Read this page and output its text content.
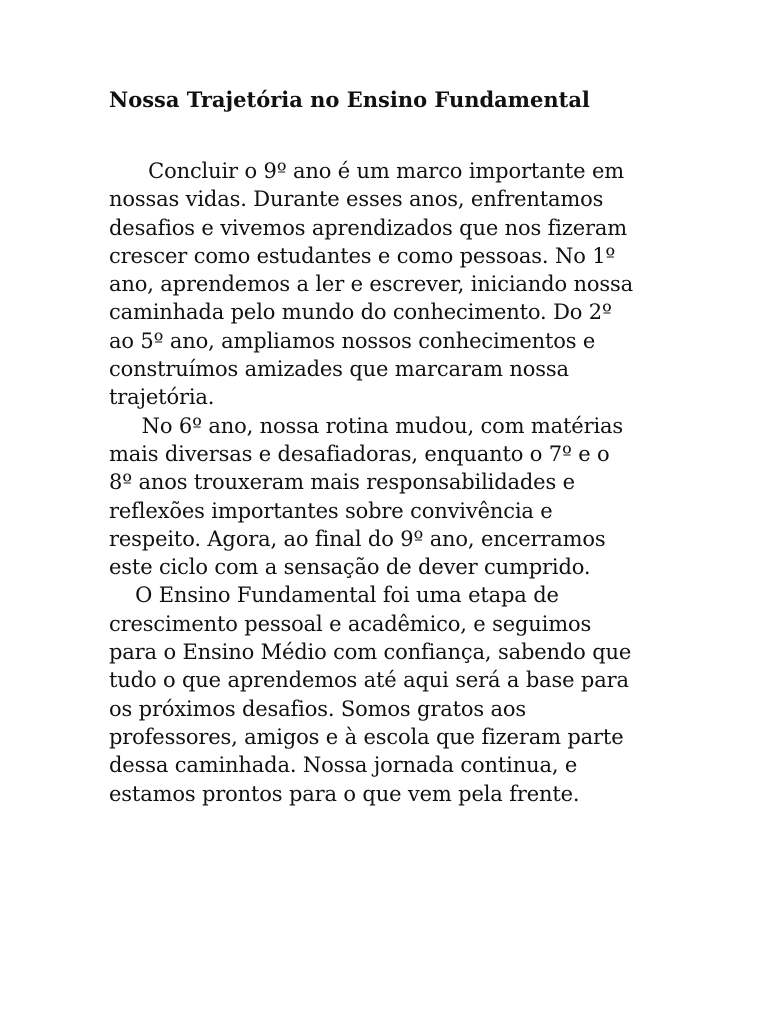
Nossa Trajetória no Ensino Fundamental
Concluir o 9º ano é um marco importante em
nossas vidas. Durante esses anos, enfrentamos
desafios e vivemos aprendizados que nos fizeram
crescer como estudantes e como pessoas. No 1º
ano, aprendemos a ler e escrever, iniciando nossa
caminhada pelo mundo do conhecimento. Do 2º
ao 5º ano, ampliamos nossos conhecimentos e
construímos amizades que marcaram nossa
trajetória.
No 6º ano, nossa rotina mudou, com matérias
mais diversas e desafiadoras, enquanto o 7º e o
8º anos trouxeram mais responsabilidades e
reflexões importantes sobre convivência e
respeito. Agora, ao final do 9º ano, encerramos
este ciclo com a sensação de dever cumprido.
O Ensino Fundamental foi uma etapa de
crescimento pessoal e acadêmico, e seguimos
para o Ensino Médio com confiança, sabendo que
tudo o que aprendemos até aqui será a base para
os próximos desafios. Somos gratos aos
professores, amigos e à escola que fizeram parte
dessa caminhada. Nossa jornada continua, e
estamos prontos para o que vem pela frente.
